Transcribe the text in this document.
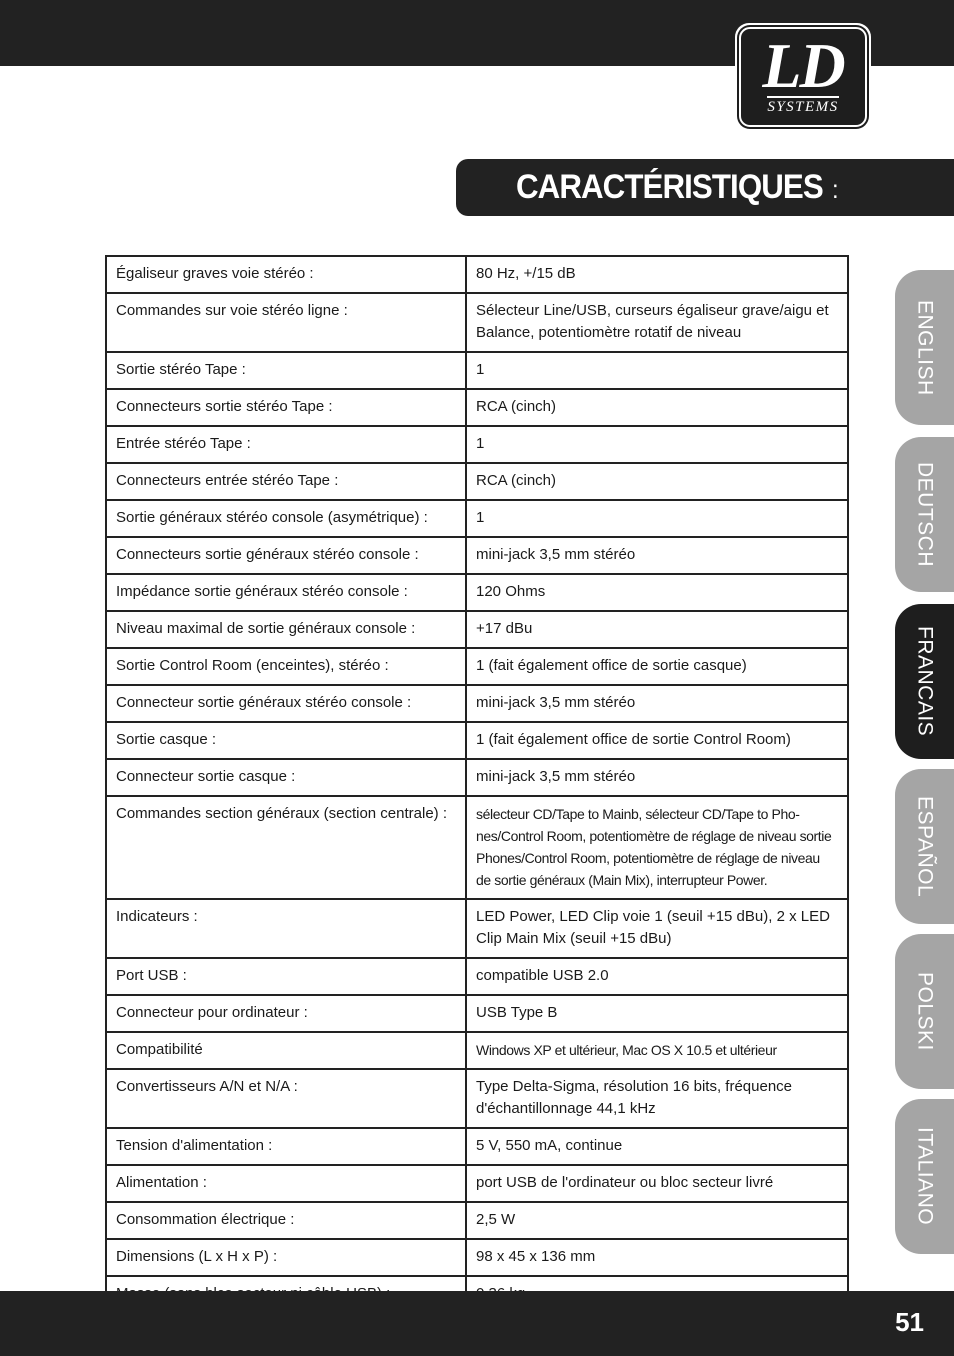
LD
SYSTEMS
CARACTÉRISTIQUES :
Égaliseur graves voie stéréo :	80 Hz, +/15 dB
Commandes sur voie stéréo ligne :	Sélecteur Line/USB, curseurs égaliseur grave/aigu et Balance, potentiomètre rotatif de niveau
Sortie stéréo Tape :	1
Connecteurs sortie stéréo Tape :	RCA (cinch)
Entrée stéréo Tape :	1
Connecteurs entrée stéréo Tape :	RCA (cinch)
Sortie généraux stéréo console (asymétrique) :	1
Connecteurs sortie généraux stéréo console :	mini-jack 3,5 mm stéréo
Impédance sortie généraux stéréo console :	120 Ohms
Niveau maximal de sortie généraux console :	+17 dBu
Sortie Control Room (enceintes), stéréo :	1 (fait également office de sortie casque)
Connecteur sortie généraux stéréo console :	mini-jack 3,5 mm stéréo
Sortie casque :	1 (fait également office de sortie Control Room)
Connecteur sortie casque :	mini-jack 3,5 mm stéréo
Commandes section généraux (section centrale) :	sélecteur CD/Tape to Mainb, sélecteur CD/Tape to Pho-nes/Control Room, potentiomètre de réglage de niveau sortie Phones/Control Room, potentiomètre de réglage de niveau de sortie généraux (Main Mix), interrupteur Power.
Indicateurs :	LED Power, LED Clip voie 1 (seuil +15 dBu), 2 x LED Clip Main Mix (seuil +15 dBu)
Port USB :	compatible USB 2.0
Connecteur pour ordinateur :	USB Type B
Compatibilité	Windows XP et ultérieur, Mac OS X 10.5 et ultérieur
Convertisseurs A/N et N/A :	Type Delta-Sigma, résolution 16 bits, fréquence d'échantillonnage 44,1 kHz
Tension d'alimentation :	5 V, 550 mA, continue
Alimentation :	port USB de l'ordinateur ou bloc secteur livré
Consommation électrique :	2,5 W
Dimensions (L x H x P) :	98 x 45 x 136 mm

ENGLISH
DEUTSCH
FRANCAIS
ESPAÑOL
POLSKI
ITALIANO
51
